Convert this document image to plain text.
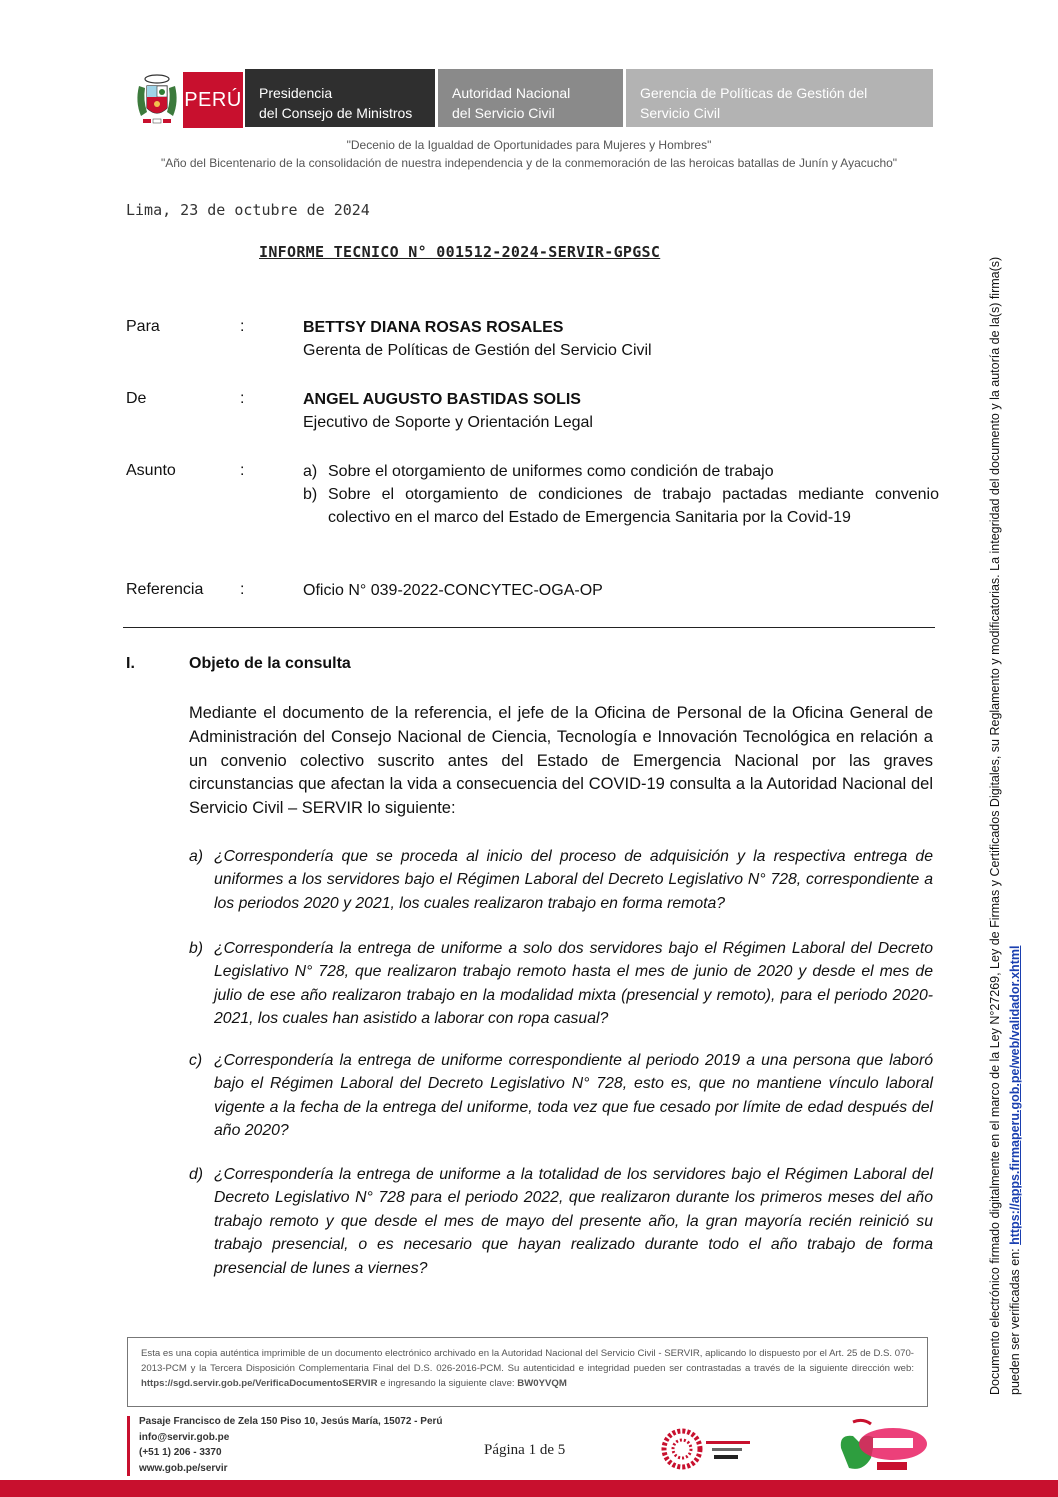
PERÚ Presidencia
del Consejo de Ministros
Autoridad Nacional
del Servicio Civil
Gerencia de Políticas de Gestión del
Servicio Civil
"Decenio de la Igualdad de Oportunidades para Mujeres y Hombres"
"Año del Bicentenario de la consolidación de nuestra independencia y de la conmemoración de las heroicas batallas de Junín y Ayacucho"
Lima, 23 de octubre de 2024
INFORME TECNICO N° 001512-2024-SERVIR-GPGSC
Para	:	BETTSY DIANA ROSAS ROSALES
Gerenta de Políticas de Gestión del Servicio Civil
De	:	ANGEL AUGUSTO BASTIDAS SOLIS
Ejecutivo de Soporte y Orientación Legal
Asunto	:	a) Sobre el otorgamiento de uniformes como condición de trabajo
b) Sobre el otorgamiento de condiciones de trabajo pactadas mediante convenio colectivo en el marco del Estado de Emergencia Sanitaria por la Covid-19
Referencia :	Oficio N° 039-2022-CONCYTEC-OGA-OP
I.	Objeto de la consulta
Mediante el documento de la referencia, el jefe de la Oficina de Personal de la Oficina General de Administración del Consejo Nacional de Ciencia, Tecnología e Innovación Tecnológica en relación a un convenio colectivo suscrito antes del Estado de Emergencia Nacional por las graves circunstancias que afectan la vida a consecuencia del COVID-19 consulta a la Autoridad Nacional del Servicio Civil – SERVIR lo siguiente:
a) ¿Correspondería que se proceda al inicio del proceso de adquisición y la respectiva entrega de uniformes a los servidores bajo el Régimen Laboral del Decreto Legislativo N° 728, correspondiente a los periodos 2020 y 2021, los cuales realizaron trabajo en forma remota?
b) ¿Correspondería la entrega de uniforme a solo dos servidores bajo el Régimen Laboral del Decreto Legislativo N° 728, que realizaron trabajo remoto hasta el mes de junio de 2020 y desde el mes de julio de ese año realizaron trabajo en la modalidad mixta (presencial y remoto), para el periodo 2020-2021, los cuales han asistido a laborar con ropa casual?
c) ¿Correspondería la entrega de uniforme correspondiente al periodo 2019 a una persona que laboró bajo el Régimen Laboral del Decreto Legislativo N° 728, esto es, que no mantiene vínculo laboral vigente a la fecha de la entrega del uniforme, toda vez que fue cesado por límite de edad después del año 2020?
d) ¿Correspondería la entrega de uniforme a la totalidad de los servidores bajo el Régimen Laboral del Decreto Legislativo N° 728 para el periodo 2022, que realizaron durante los primeros meses del año trabajo remoto y que desde el mes de mayo del presente año, la gran mayoría recién reinició su trabajo presencial, o es necesario que hayan realizado durante todo el año trabajo de forma presencial de lunes a viernes?
Esta es una copia auténtica imprimible de un documento electrónico archivado en la Autoridad Nacional del Servicio Civil - SERVIR, aplicando lo dispuesto por el Art. 25 de D.S. 070-2013-PCM y la Tercera Disposición Complementaria Final del D.S. 026-2016-PCM. Su autenticidad e integridad pueden ser contrastadas a través de la siguiente dirección web: https://sgd.servir.gob.pe/VerificaDocumentoSERVIR e ingresando la siguiente clave: BW0YVQM
Pasaje Francisco de Zela 150 Piso 10, Jesús María, 15072 - Perú
info@servir.gob.pe
(+51 1) 206 - 3370
www.gob.pe/servir
Página 1 de 5
Documento electrónico firmado digitalmente en el marco de la Ley N°27269, Ley de Firmas y Certificados Digitales, su Reglamento y modificatorias. La integridad del documento y la autoría de la(s) firma(s) pueden ser verificadas en: https://apps.firmaperu.gob.pe/web/validador.xhtml
